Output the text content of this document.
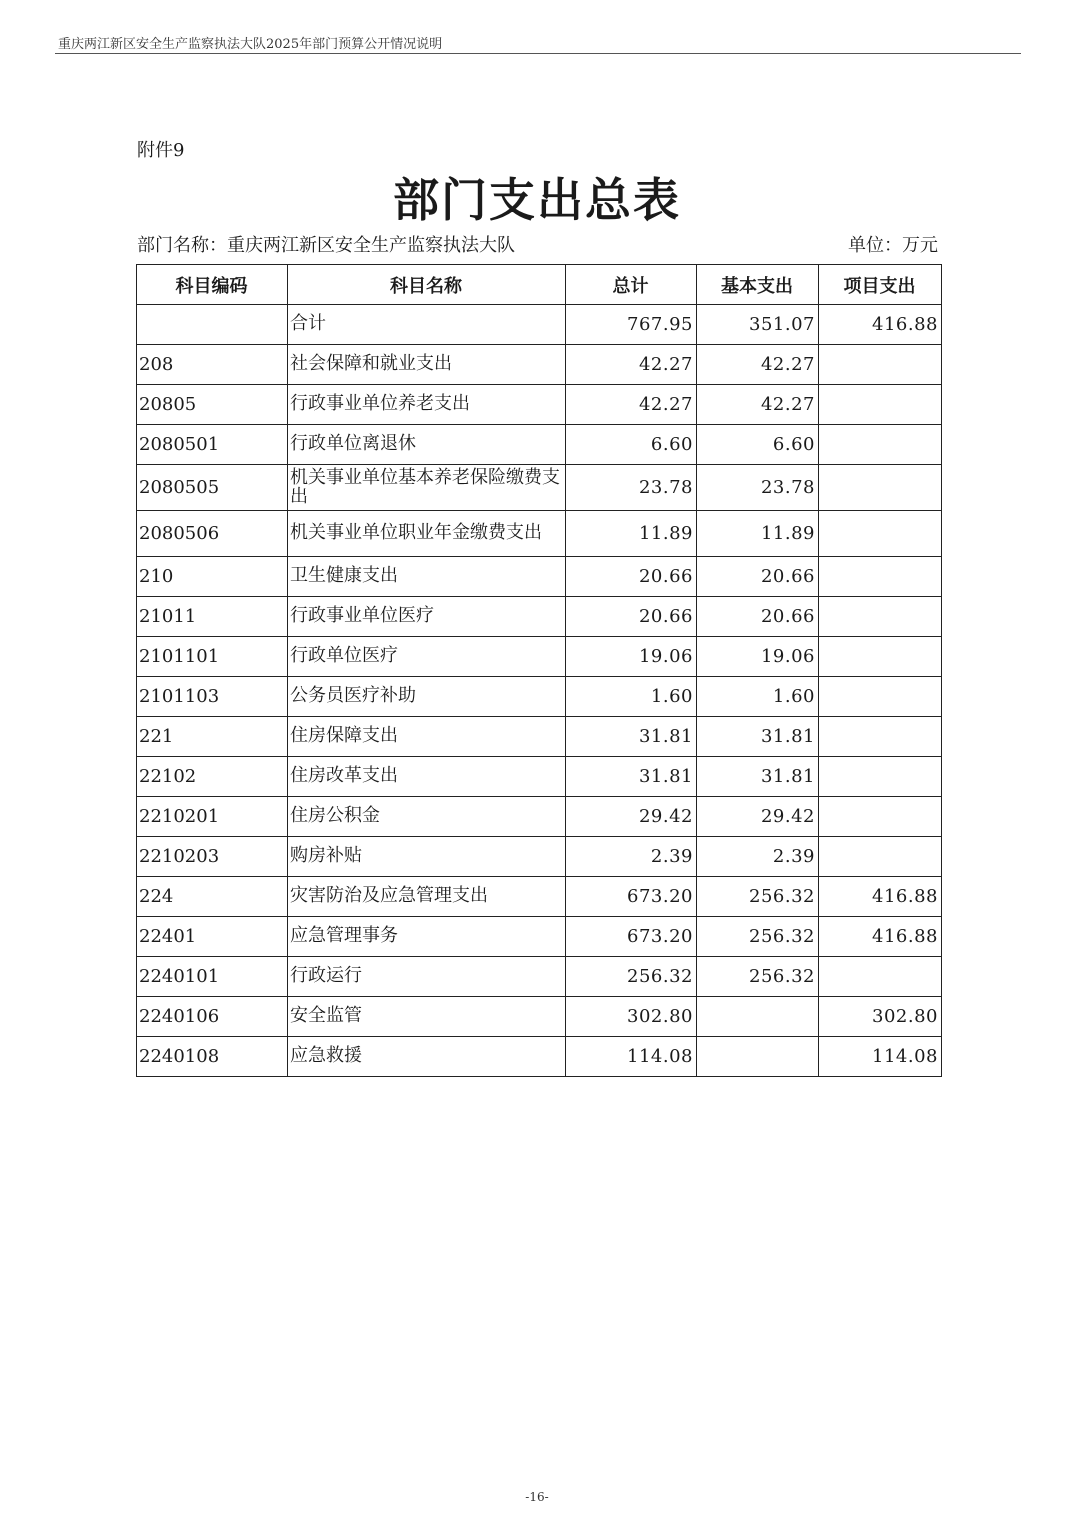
重庆两江新区安全生产监察执法大队2025年部门预算公开情况说明
附件9
部门支出总表
部门名称：重庆两江新区安全生产监察执法大队	单位：万元
科目编码	科目名称	总计	基本支出	项目支出
	合计	767.95	351.07	416.88
208	社会保障和就业支出	42.27	42.27	
20805	行政事业单位养老支出	42.27	42.27	
2080501	行政单位离退休	6.60	6.60	
2080505	机关事业单位基本养老保险缴费支出	23.78	23.78	
2080506	机关事业单位职业年金缴费支出	11.89	11.89	
210	卫生健康支出	20.66	20.66	
21011	行政事业单位医疗	20.66	20.66	
2101101	行政单位医疗	19.06	19.06	
2101103	公务员医疗补助	1.60	1.60	
221	住房保障支出	31.81	31.81	
22102	住房改革支出	31.81	31.81	
2210201	住房公积金	29.42	29.42	
2210203	购房补贴	2.39	2.39	
224	灾害防治及应急管理支出	673.20	256.32	416.88
22401	应急管理事务	673.20	256.32	416.88
2240101	行政运行	256.32	256.32	
2240106	安全监管	302.80		302.80
2240108	应急救援	114.08		114.08
-16-
